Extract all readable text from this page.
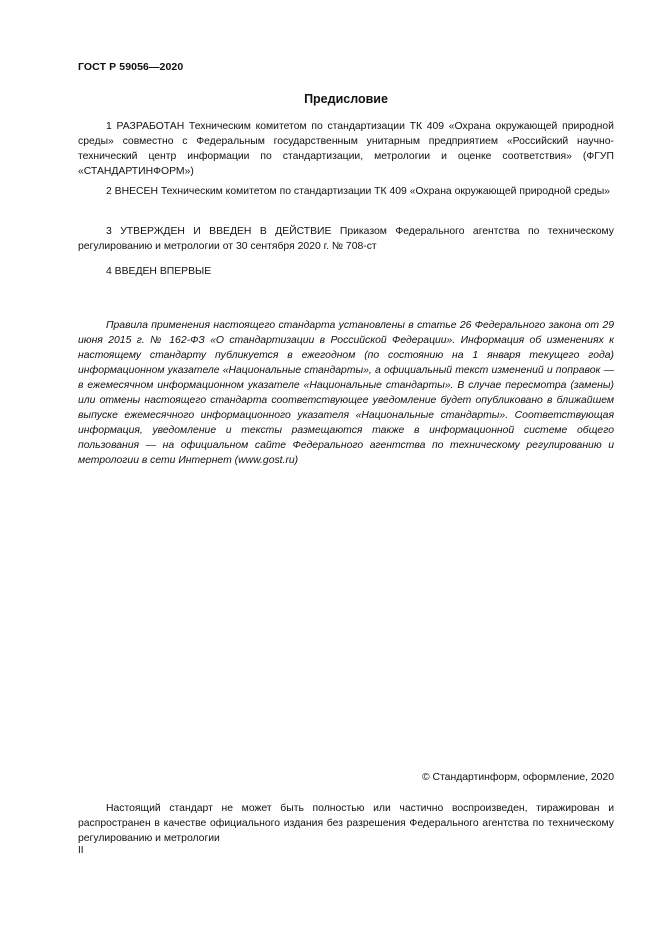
ГОСТ Р 59056—2020
Предисловие
1 РАЗРАБОТАН Техническим комитетом по стандартизации ТК 409 «Охрана окружающей природной среды» совместно с Федеральным государственным унитарным предприятием «Российский научно-технический центр информации по стандартизации, метрологии и оценке соответствия» (ФГУП «СТАНДАРТИНФОРМ»)
2 ВНЕСЕН Техническим комитетом по стандартизации ТК 409 «Охрана окружающей природной среды»
3 УТВЕРЖДЕН И ВВЕДЕН В ДЕЙСТВИЕ Приказом Федерального агентства по техническому регулированию и метрологии от 30 сентября 2020 г. № 708-ст
4 ВВЕДЕН ВПЕРВЫЕ
Правила применения настоящего стандарта установлены в статье 26 Федерального закона от 29 июня 2015 г. № 162-ФЗ «О стандартизации в Российской Федерации». Информация об изменениях к настоящему стандарту публикуется в ежегодном (по состоянию на 1 января текущего года) информационном указателе «Национальные стандарты», а официальный текст изменений и поправок — в ежемесячном информационном указателе «Национальные стандарты». В случае пересмотра (замены) или отмены настоящего стандарта соответствующее уведомление будет опубликовано в ближайшем выпуске ежемесячного информационного указателя «Национальные стандарты». Соответствующая информация, уведомление и тексты размещаются также в информационной системе общего пользования — на официальном сайте Федерального агентства по техническому регулированию и метрологии в сети Интернет (www.gost.ru)
© Стандартинформ, оформление, 2020
Настоящий стандарт не может быть полностью или частично воспроизведен, тиражирован и распространен в качестве официального издания без разрешения Федерального агентства по техническому регулированию и метрологии
II
